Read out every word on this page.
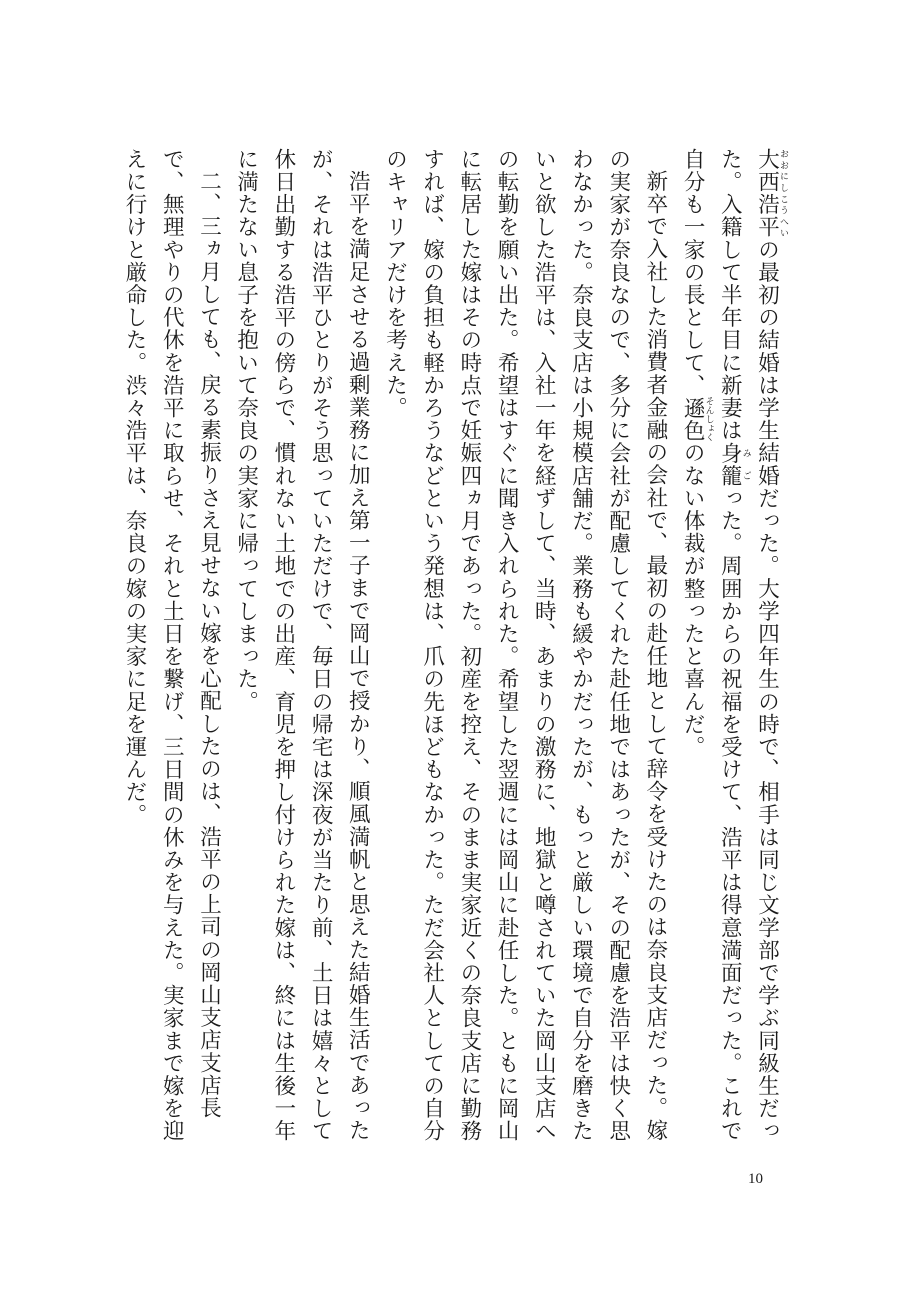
大西浩平おおにしこうへいの最初の結婚は学生結婚だった。大学四年生の時で、相手は同じ文学部で学ぶ同級生だった。入籍して半年目に新妻は身籠みごった。周囲からの祝福を受けて、浩平は得意満面だった。これで自分も一家の長として、遜色そんしょくのない体裁が整ったと喜んだ。

新卒で入社した消費者金融の会社で、最初の赴任地として辞令を受けたのは奈良支店だった。嫁の実家が奈良なので、多分に会社が配慮してくれた赴任地ではあったが、その配慮を浩平は快く思わなかった。奈良支店は小規模店舗だ。業務も緩やかだったが、もっと厳しい環境で自分を磨きたいと欲した浩平は、入社一年を経ずして、当時、あまりの激務に、地獄と噂されていた岡山支店への転勤を願い出た。希望はすぐに聞き入れられた。希望した翌週には岡山に赴任した。ともに岡山に転居した嫁はその時点で妊娠四ヵ月であった。初産を控え、そのまま実家近くの奈良支店に勤務すれば、嫁の負担も軽かろうなどという発想は、爪の先ほどもなかった。ただ会社人としての自分のキャリアだけを考えた。

浩平を満足させる過剰業務に加え第一子まで岡山で授かり、順風満帆と思えた結婚生活であったが、それは浩平ひとりがそう思っていただけで、毎日の帰宅は深夜が当たり前、土日は嬉々として休日出勤する浩平の傍らで、慣れない土地での出産、育児を押し付けられた嫁は、終には生後一年に満たない息子を抱いて奈良の実家に帰ってしまった。

二、三ヵ月しても、戻る素振りさえ見せない嫁を心配したのは、浩平の上司の岡山支店支店長で、無理やりの代休を浩平に取らせ、それと土日を繋げ、三日間の休みを与えた。実家まで嫁を迎えに行けと厳命した。渋々浩平は、奈良の嫁の実家に足を運んだ。

10
